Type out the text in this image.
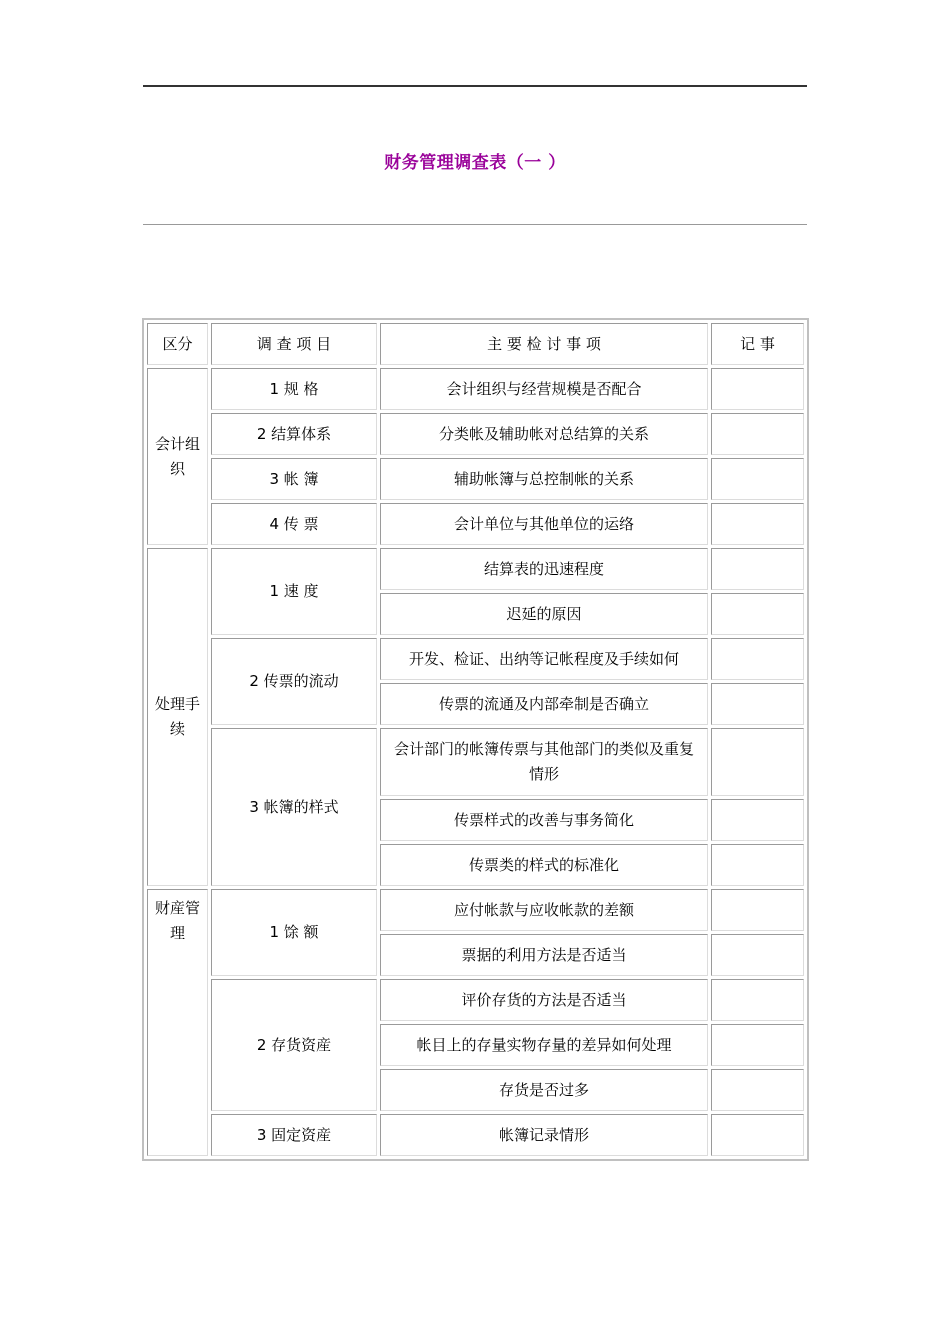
财务管理调查表（一 ）
区分	调 查 项 目	主 要 检 讨 事 项	记 事
会计组织	1 规 格	会计组织与经营规模是否配合	
	2 结算体系	分类帐及辅助帐对总结算的关系	
	3 帐 簿	辅助帐簿与总控制帐的关系	
	4 传 票	会计单位与其他单位的运络	
处理手续	1 速 度	结算表的迅速程度	
		迟延的原因	
	2 传票的流动	开发、检证、出纳等记帐程度及手续如何	
		传票的流通及内部牵制是否确立	
	3 帐簿的样式	会计部门的帐簿传票与其他部门的类似及重复情形	
		传票样式的改善与事务简化	
		传票类的样式的标准化	
财産管理	1 馀 额	应付帐款与应收帐款的差额	
		票据的利用方法是否适当	
	2 存货资産	评价存货的方法是否适当	
		帐目上的存量实物存量的差异如何处理	
		存货是否过多	
	3 固定资産	帐簿记录情形	
